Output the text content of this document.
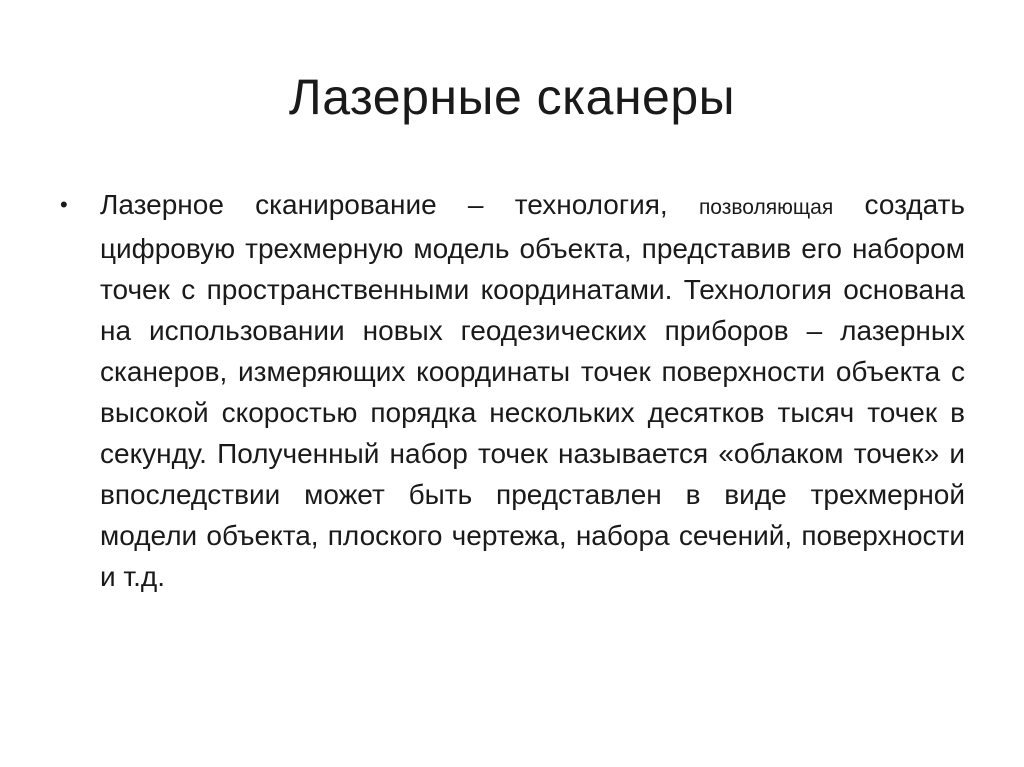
Лазерные сканеры
•	Лазерное сканирование – технология, позволяющая создать цифровую трехмерную модель объекта, представив его набором точек с пространственными координатами. Технология основана на использовании новых геодезических приборов – лазерных сканеров, измеряющих координаты точек поверхности объекта с высокой скоростью порядка нескольких десятков тысяч точек в секунду. Полученный набор точек называется «облаком точек» и впоследствии может быть представлен в виде трехмерной модели объекта, плоского чертежа, набора сечений, поверхности и т.д.
